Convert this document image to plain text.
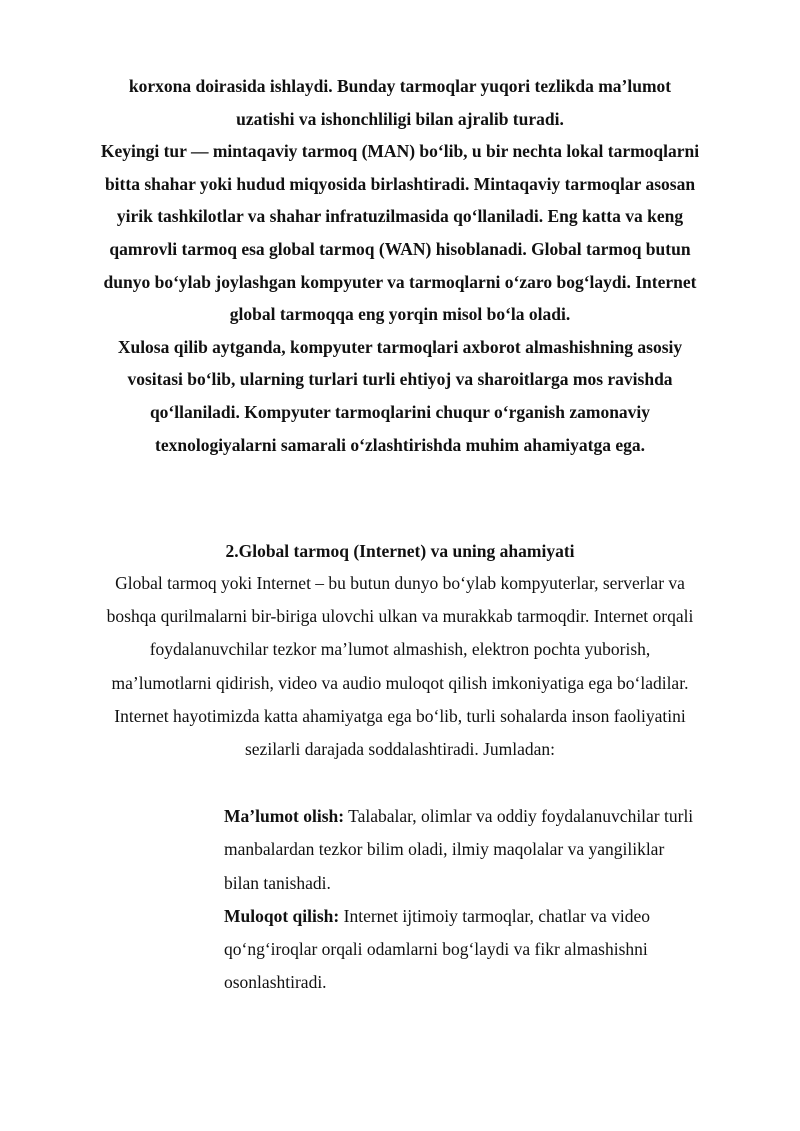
korxona doirasida ishlaydi. Bunday tarmoqlar yuqori tezlikda ma’lumot uzatishi va ishonchliligi bilan ajralib turadi.

Keyingi tur — mintaqaviy tarmoq (MAN) bo‘lib, u bir nechta lokal tarmoqlarni bitta shahar yoki hudud miqyosida birlashtiradi. Mintaqaviy tarmoqlar asosan yirik tashkilotlar va shahar infratuzilmasida qo‘llaniladi. Eng katta va keng qamrovli tarmoq esa global tarmoq (WAN) hisoblanadi. Global tarmoq butun dunyo bo‘ylab joylashgan kompyuter va tarmoqlarni o‘zaro bog‘laydi. Internet global tarmoqqa eng yorqin misol bo‘la oladi.

Xulosa qilib aytganda, kompyuter tarmoqlari axborot almashishning asosiy vositasi bo‘lib, ularning turlari turli ehtiyoj va sharoitlarga mos ravishda qo‘llaniladi. Kompyuter tarmoqlarini chuqur o‘rganish zamonaviy texnologiyalarni samarali o‘zlashtirishda muhim ahamiyatga ega.

2.Global tarmoq (Internet) va uning ahamiyati

Global tarmoq yoki Internet – bu butun dunyo bo‘ylab kompyuterlar, serverlar va boshqa qurilmalarni bir-biriga ulovchi ulkan va murakkab tarmoqdir. Internet orqali foydalanuvchilar tezkor ma’lumot almashish, elektron pochta yuborish, ma’lumotlarni qidirish, video va audio muloqot qilish imkoniyatiga ega bo‘ladilar.

Internet hayotimizda katta ahamiyatga ega bo‘lib, turli sohalarda inson faoliyatini sezilarli darajada soddalashtiradi. Jumladan:

Ma’lumot olish: Talabalar, olimlar va oddiy foydalanuvchilar turli manbalardan tezkor bilim oladi, ilmiy maqolalar va yangiliklar bilan tanishadi.

Muloqot qilish: Internet ijtimoiy tarmoqlar, chatlar va video qo‘ng‘iroqlar orqali odamlarni bog‘laydi va fikr almashishni osonlashtiradi.
